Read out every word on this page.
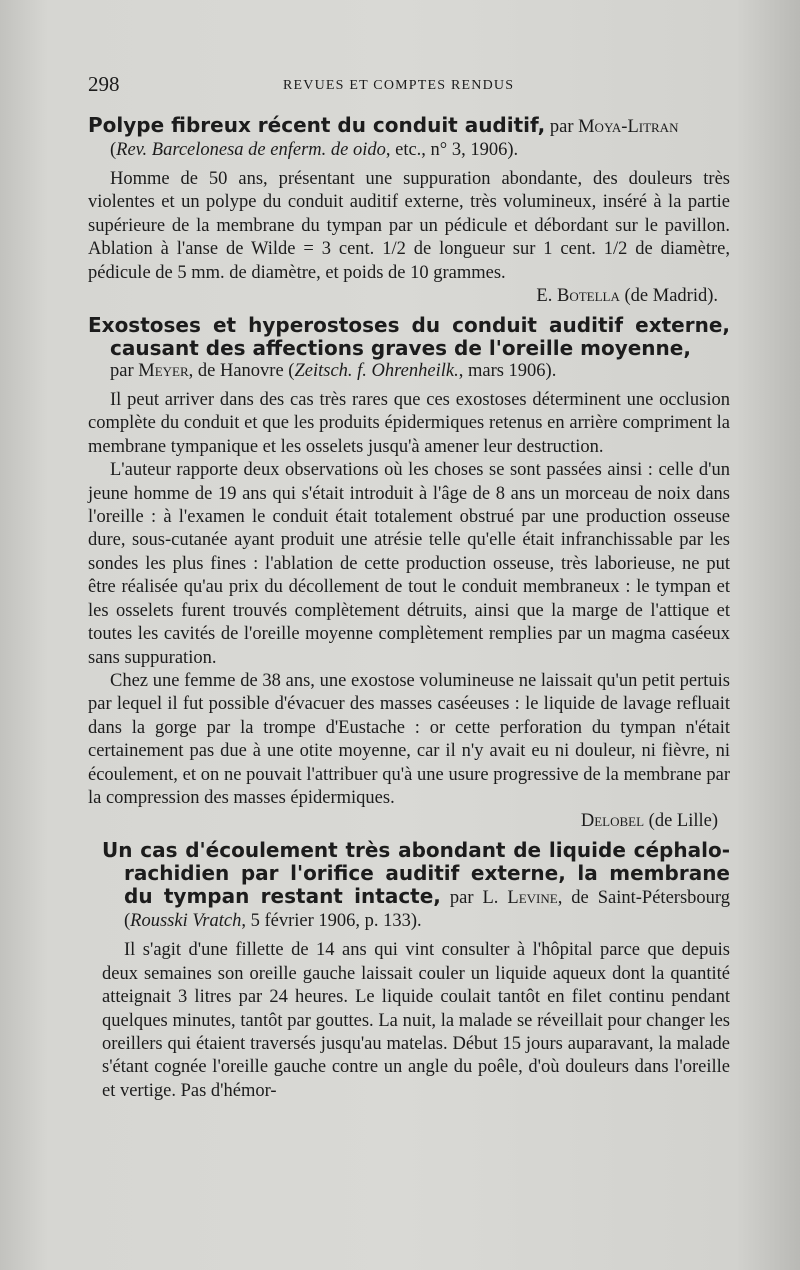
298	REVUES ET COMPTES RENDUS
Polype fibreux récent du conduit auditif, par Moya-Litran
(Rev. Barcelonesa de enferm. de oido, etc., n° 3, 1906).

Homme de 50 ans, présentant une suppuration abondante, des douleurs très violentes et un polype du conduit auditif externe, très volumineux, inséré à la partie supérieure de la membrane du tympan par un pédicule et débordant sur le pavillon. Ablation à l'anse de Wilde = 3 cent. 1/2 de longueur sur 1 cent. 1/2 de diamètre, pédicule de 5 mm. de diamètre, et poids de 10 grammes.

E. Botella (de Madrid).
Exostoses et hyperostoses du conduit auditif externe, causant des affections graves de l'oreille moyenne,
par Meyer, de Hanovre (Zeitsch. f. Ohrenheilk., mars 1906).

Il peut arriver dans des cas très rares que ces exostoses déterminent une occlusion complète du conduit et que les produits épidermiques retenus en arrière compriment la membrane tympanique et les osselets jusqu'à amener leur destruction.

L'auteur rapporte deux observations où les choses se sont passées ainsi : celle d'un jeune homme de 19 ans qui s'était introduit à l'âge de 8 ans un morceau de noix dans l'oreille : à l'examen le conduit était totalement obstrué par une production osseuse dure, sous-cutanée ayant produit une atrésie telle qu'elle était infranchissable par les sondes les plus fines : l'ablation de cette production osseuse, très laborieuse, ne put être réalisée qu'au prix du décollement de tout le conduit membraneux : le tympan et les osselets furent trouvés complètement détruits, ainsi que la marge de l'attique et toutes les cavités de l'oreille moyenne complètement remplies par un magma caséeux sans suppuration.

Chez une femme de 38 ans, une exostose volumineuse ne laissait qu'un petit pertuis par lequel il fut possible d'évacuer des masses caséeuses : le liquide de lavage refluait dans la gorge par la trompe d'Eustache : or cette perforation du tympan n'était certainement pas due à une otite moyenne, car il n'y avait eu ni douleur, ni fièvre, ni écoulement, et on ne pouvait l'attribuer qu'à une usure progressive de la membrane par la compression des masses épidermiques.

Delobel (de Lille)
Un cas d'écoulement très abondant de liquide céphalo-rachidien par l'orifice auditif externe, la membrane du tympan restant intacte, par L. Levine, de Saint-Pétersbourg (Rousski Vratch, 5 février 1906, p. 133).

Il s'agit d'une fillette de 14 ans qui vint consulter à l'hôpital parce que depuis deux semaines son oreille gauche laissait couler un liquide aqueux dont la quantité atteignait 3 litres par 24 heures. Le liquide coulait tantôt en filet continu pendant quelques minutes, tantôt par gouttes. La nuit, la malade se réveillait pour changer les oreillers qui étaient traversés jusqu'au matelas. Début 15 jours auparavant, la malade s'étant cognée l'oreille gauche contre un angle du poêle, d'où douleurs dans l'oreille et vertige. Pas d'hémor-
